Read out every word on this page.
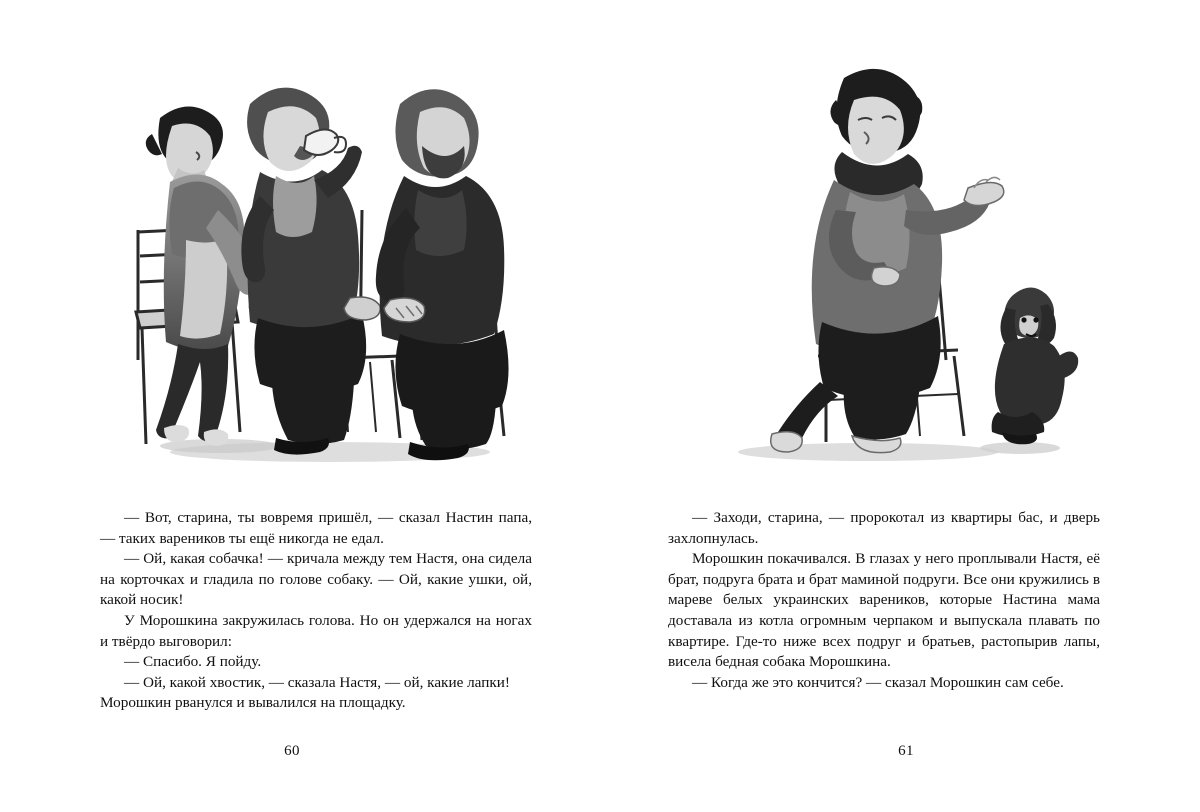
— Вот, старина, ты вовремя пришёл, — сказал Настин папа, — таких вареников ты ещё никогда не едал.

— Ой, какая собачка! — кричала между тем Настя, она сидела на корточках и гладила по голове собаку. — Ой, какие ушки, ой, какой носик!

У Морошкина закружилась голова. Но он удержался на ногах и твёрдо выговорил:

— Спасибо. Я пойду.

— Ой, какой хвостик, — сказала Настя, — ой, какие лапки!

Морошкин рванулся и вывалился на площадку.

60

— Заходи, старина, — пророкотал из квартиры бас, и дверь захлопнулась.

Морошкин покачивался. В глазах у него проплывали Настя, её брат, подруга брата и брат маминой подруги. Все они кружились в мареве белых украинских вареников, которые Настина мама доставала из котла огромным черпаком и выпускала плавать по квартире. Где-то ниже всех подруг и братьев, растопырив лапы, висела бедная собака Морошкина.

— Когда же это кончится? — сказал Морошкин сам себе.

61
